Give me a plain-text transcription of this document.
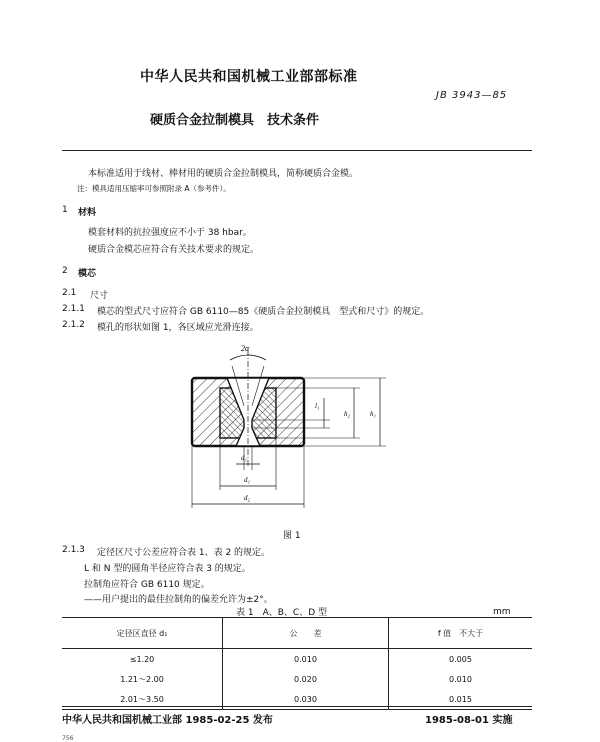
中华人民共和国机械工业部部标准
JB 3943—85
硬质合金拉制模具　技术条件
本标准适用于线材、棒材用的硬质合金拉制模具，简称硬质合金模。
注：模具适用压缩率可参照附录 A（参考件）。
1 材料
模套材料的抗拉强度应不小于 38 hbar。
硬质合金模芯应符合有关技术要求的规定。
2 模芯
2.1 尺寸
2.1.1 模芯的型式尺寸应符合 GB 6110—85《硬质合金拉制模具　型式和尺寸》的规定。
2.1.2 模孔的形状如图 1，各区域应光滑连接。
2α
l₁
h₂	h₁
d₁
d₁
d₂
图 1
2.1.3 定径区尺寸公差应符合表 1、表 2 的规定。
L 和 N 型的圆角半径应符合表 3 的规定。
拉制角应符合 GB 6110 规定。
——用户提出的最佳拉制角的偏差允许为±2°。
表 1　A、B、C、D 型	mm
定径区直径 d₁	公　　差	f 值　不大于
≤1.20	0.010	0.005
1.21～2.00	0.020	0.010
2.01～3.50	0.030	0.015
中华人民共和国机械工业部 1985-02-25 发布	1985-08-01 实施
756
